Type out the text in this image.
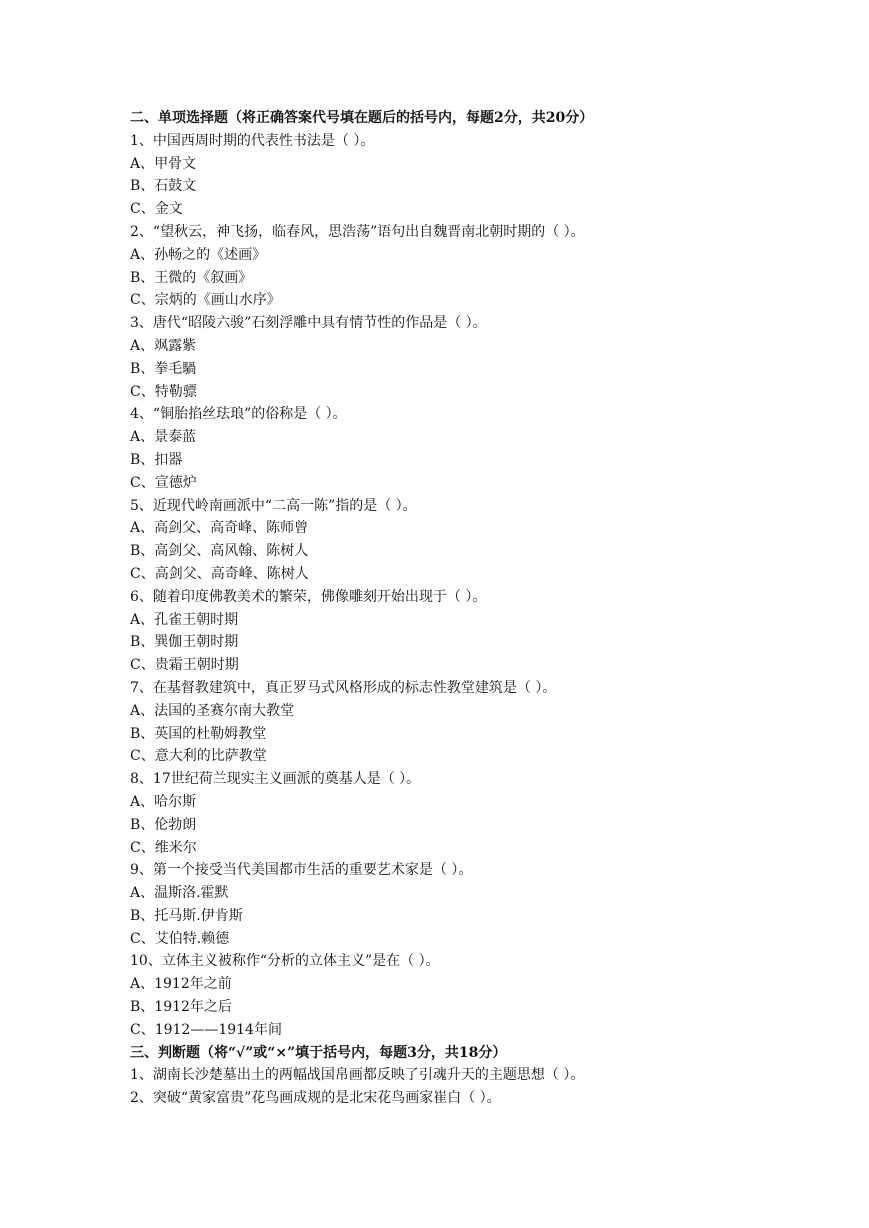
二、单项选择题（将正确答案代号填在题后的括号内，每题2分，共20分）
1、中国西周时期的代表性书法是（ ）。
A、甲骨文
B、石鼓文
C、金文
2、“望秋云，神飞扬，临春风，思浩荡”语句出自魏晋南北朝时期的（ ）。
A、孙畅之的《述画》
B、王微的《叙画》
C、宗炳的《画山水序》
3、唐代“昭陵六骏”石刻浮雕中具有情节性的作品是（ ）。
A、飒露紫
B、拳毛騧
C、特勒骠
4、“铜胎掐丝珐琅”的俗称是（ ）。
A、景泰蓝
B、扣器
C、宣德炉
5、近现代岭南画派中“二高一陈”指的是（ ）。
A、高剑父、高奇峰、陈师曾
B、高剑父、高风翰、陈树人
C、高剑父、高奇峰、陈树人
6、随着印度佛教美术的繁荣，佛像雕刻开始出现于（ ）。
A、孔雀王朝时期
B、巽伽王朝时期
C、贵霜王朝时期
7、在基督教建筑中，真正罗马式风格形成的标志性教堂建筑是（ ）。
A、法国的圣赛尔南大教堂
B、英国的杜勒姆教堂
C、意大利的比萨教堂
8、17世纪荷兰现实主义画派的奠基人是（ ）。
A、哈尔斯
B、伦勃朗
C、维米尔
9、第一个接受当代美国都市生活的重要艺术家是（ ）。
A、温斯洛.霍默
B、托马斯.伊肯斯
C、艾伯特.赖德
10、立体主义被称作“分析的立体主义”是在（ ）。
A、1912年之前
B、1912年之后
C、1912——1914年间
三、判断题（将“√”或“×”填于括号内，每题3分，共18分）
1、湖南长沙楚墓出土的两幅战国帛画都反映了引魂升天的主题思想（ ）。
2、突破“黄家富贵”花鸟画成规的是北宋花鸟画家崔白（ ）。
